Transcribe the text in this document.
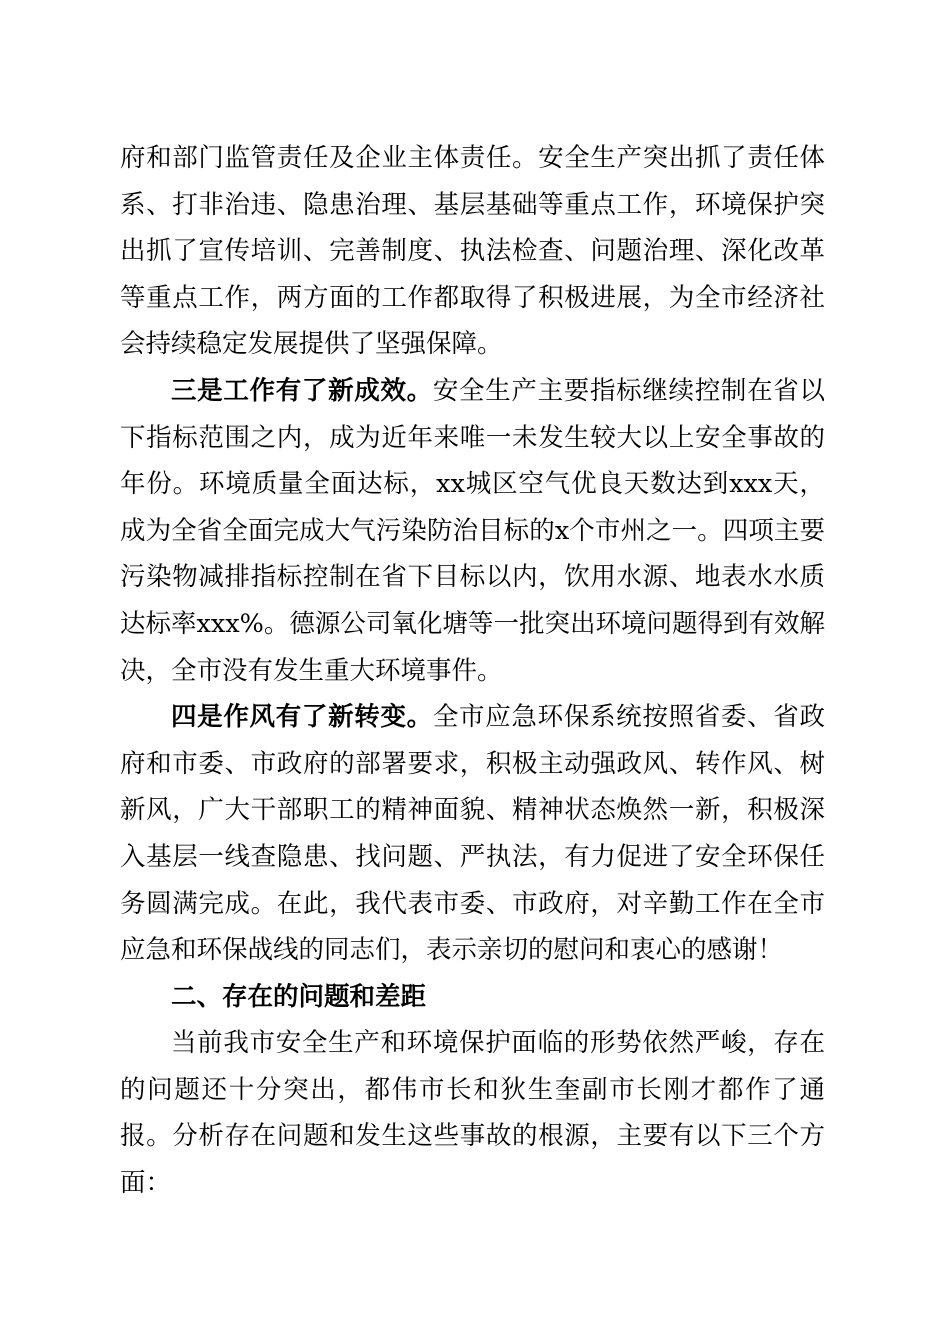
府和部门监管责任及企业主体责任。安全生产突出抓了责任体系、打非治违、隐患治理、基层基础等重点工作，环境保护突出抓了宣传培训、完善制度、执法检查、问题治理、深化改革等重点工作，两方面的工作都取得了积极进展，为全市经济社会持续稳定发展提供了坚强保障。

三是工作有了新成效。安全生产主要指标继续控制在省以下指标范围之内，成为近年来唯一未发生较大以上安全事故的年份。环境质量全面达标，xx城区空气优良天数达到xxx天，成为全省全面完成大气污染防治目标的x个市州之一。四项主要污染物减排指标控制在省下目标以内，饮用水源、地表水水质达标率xxx%。德源公司氧化塘等一批突出环境问题得到有效解决，全市没有发生重大环境事件。

四是作风有了新转变。全市应急环保系统按照省委、省政府和市委、市政府的部署要求，积极主动强政风、转作风、树新风，广大干部职工的精神面貌、精神状态焕然一新，积极深入基层一线查隐患、找问题、严执法，有力促进了安全环保任务圆满完成。在此，我代表市委、市政府，对辛勤工作在全市应急和环保战线的同志们，表示亲切的慰问和衷心的感谢！

二、存在的问题和差距

当前我市安全生产和环境保护面临的形势依然严峻，存在的问题还十分突出，都伟市长和狄生奎副市长刚才都作了通报。分析存在问题和发生这些事故的根源，主要有以下三个方面：
